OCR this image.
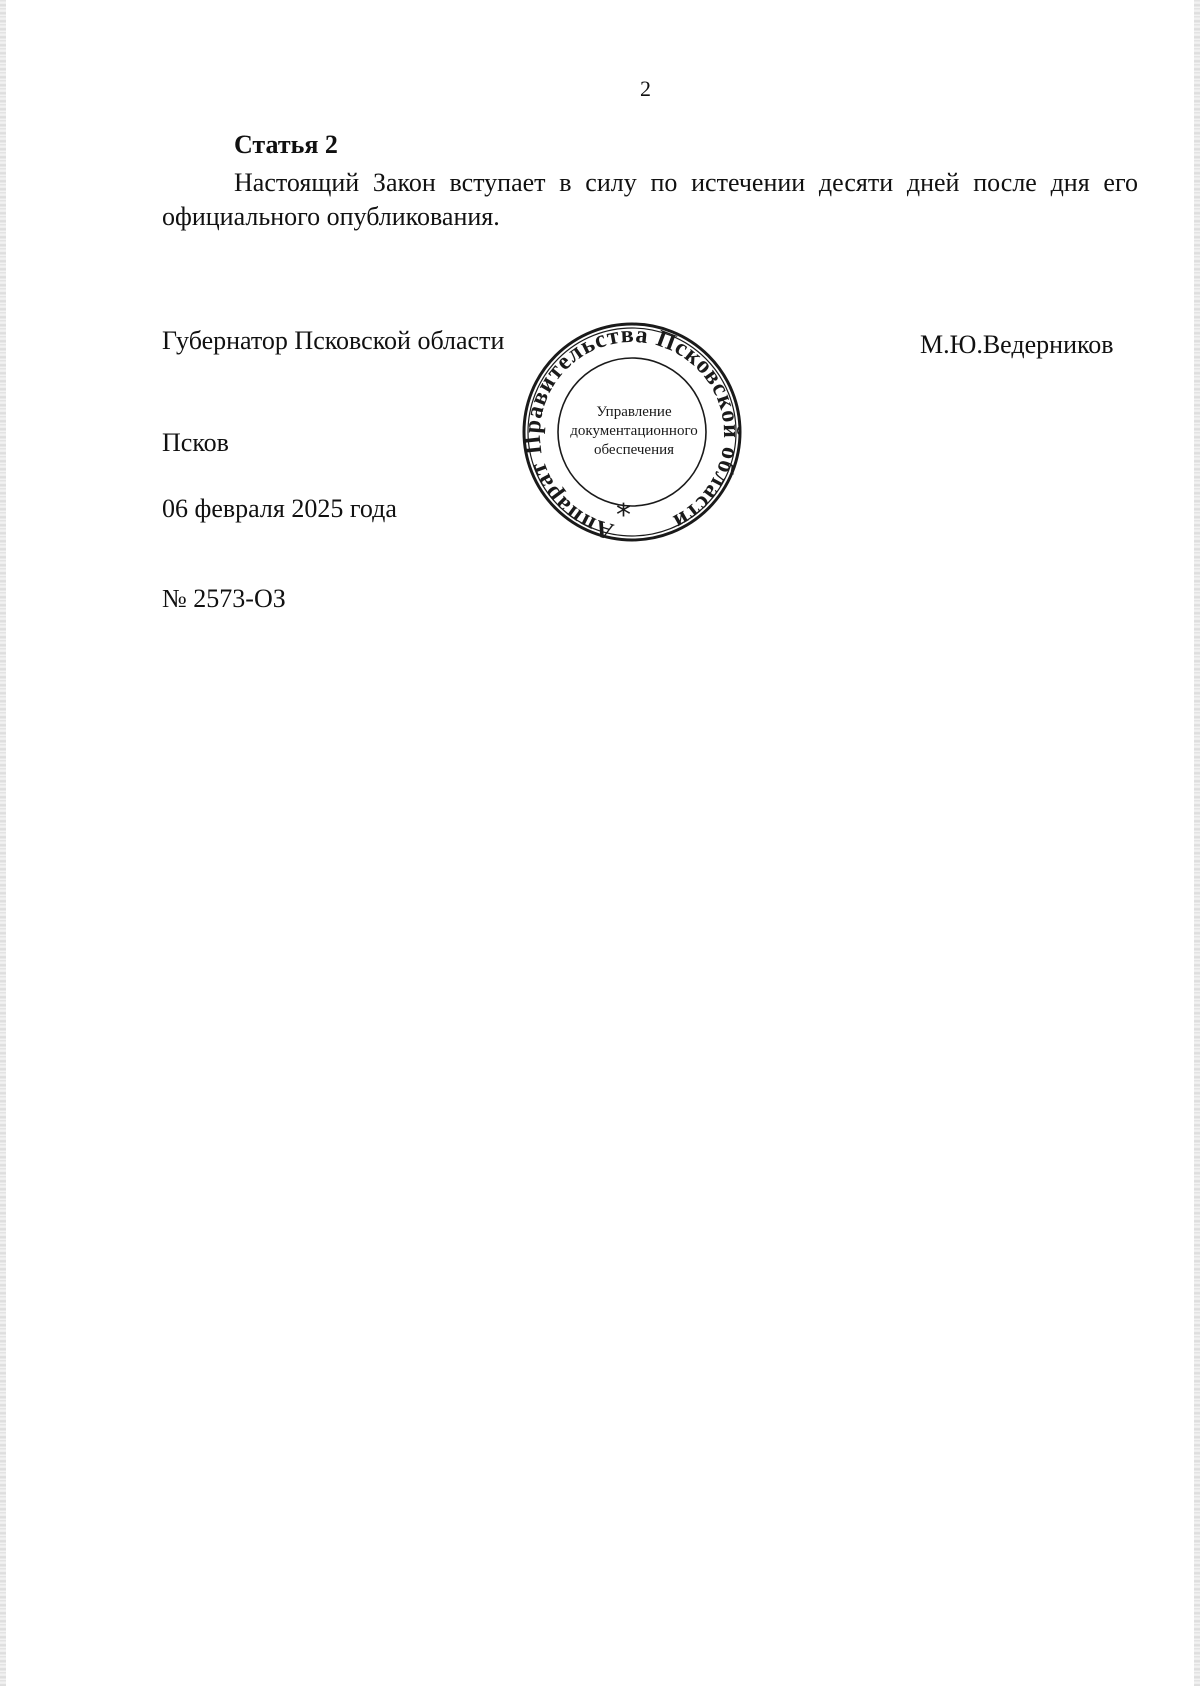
2
Статья 2

Настоящий Закон вступает в силу по истечении десяти дней после дня его официального опубликования.

Губернатор Псковской области	М.Ю.Ведерников
Псков
06 февраля 2025 года
№ 2573-ОЗ
Аппарат Правительства Псковской области
Управление
документационного
обеспечения
*
